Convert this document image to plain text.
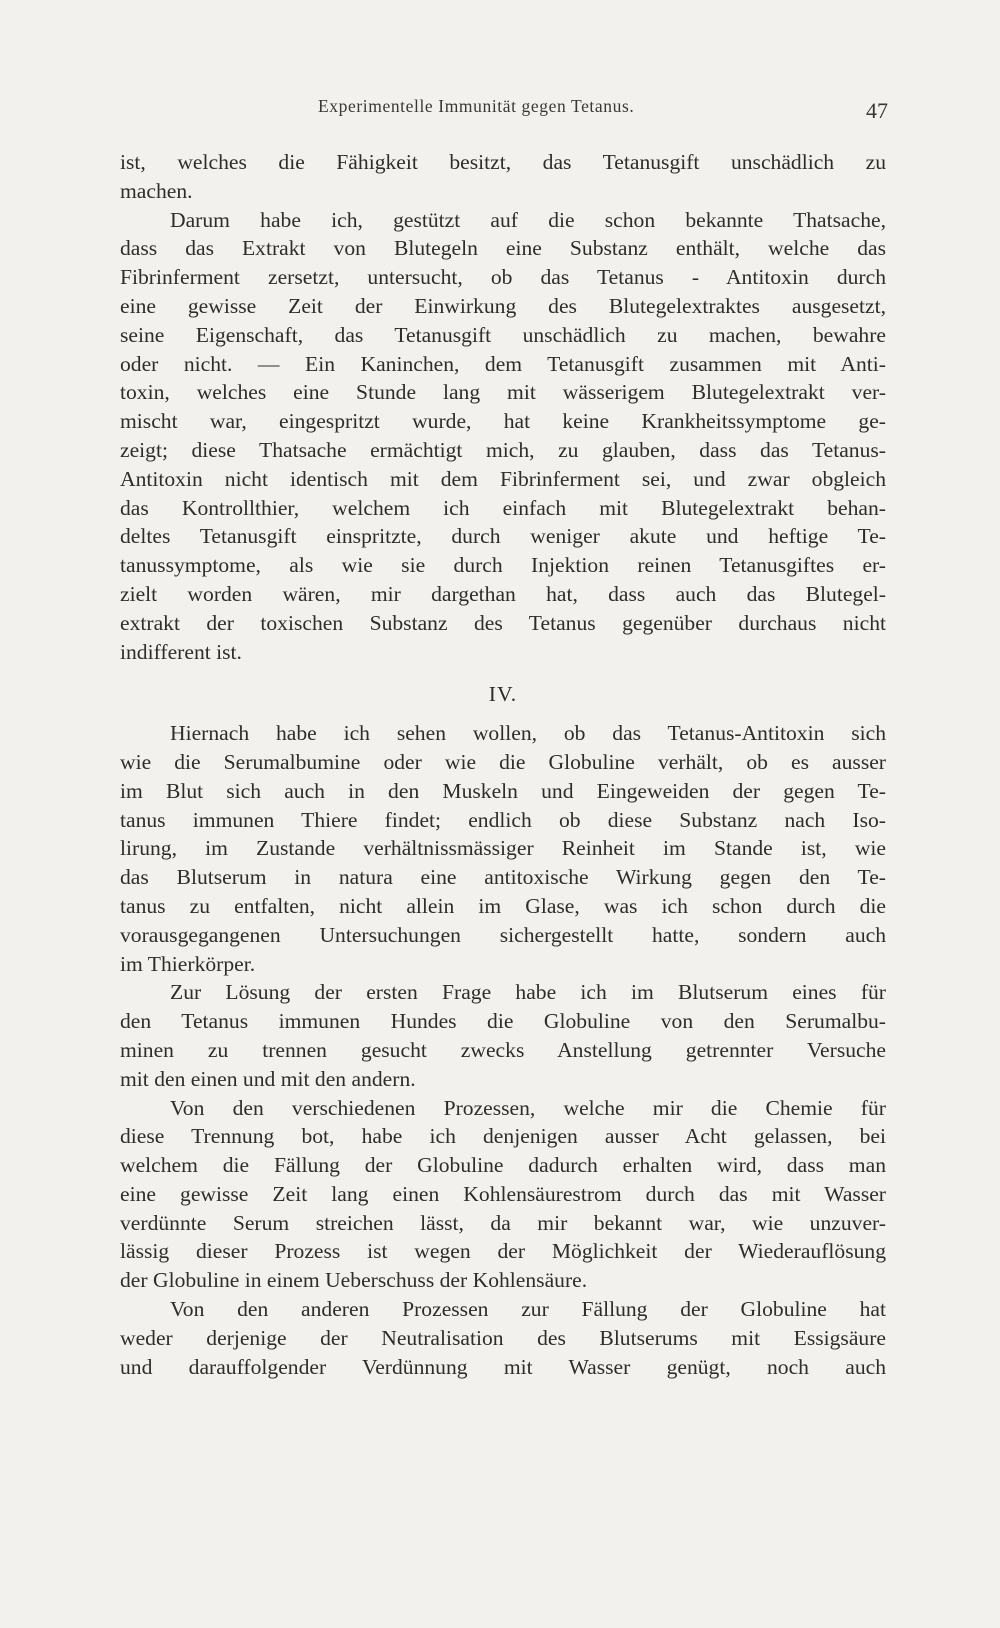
Experimentelle Immunität gegen Tetanus.	47
ist, welches die Fähigkeit besitzt, das Tetanusgift unschädlich zu
machen.
Darum habe ich, gestützt auf die schon bekannte Thatsache,
dass das Extrakt von Blutegeln eine Substanz enthält, welche das
Fibrinferment zersetzt, untersucht, ob das Tetanus - Antitoxin durch
eine gewisse Zeit der Einwirkung des Blutegelextraktes ausgesetzt,
seine Eigenschaft, das Tetanusgift unschädlich zu machen, bewahre
oder nicht. — Ein Kaninchen, dem Tetanusgift zusammen mit Anti-
toxin, welches eine Stunde lang mit wässerigem Blutegelextrakt ver-
mischt war, eingespritzt wurde, hat keine Krankheitssymptome ge-
zeigt; diese Thatsache ermächtigt mich, zu glauben, dass das Tetanus-
Antitoxin nicht identisch mit dem Fibrinferment sei, und zwar obgleich
das Kontrollthier, welchem ich einfach mit Blutegelextrakt behan-
deltes Tetanusgift einspritzte, durch weniger akute und heftige Te-
tanussymptome, als wie sie durch Injektion reinen Tetanusgiftes er-
zielt worden wären, mir dargethan hat, dass auch das Blutegel-
extrakt der toxischen Substanz des Tetanus gegenüber durchaus nicht
indifferent ist.
IV.
Hiernach habe ich sehen wollen, ob das Tetanus-Antitoxin sich
wie die Serumalbumine oder wie die Globuline verhält, ob es ausser
im Blut sich auch in den Muskeln und Eingeweiden der gegen Te-
tanus immunen Thiere findet; endlich ob diese Substanz nach Iso-
lirung, im Zustande verhältnissmässiger Reinheit im Stande ist, wie
das Blutserum in natura eine antitoxische Wirkung gegen den Te-
tanus zu entfalten, nicht allein im Glase, was ich schon durch die
vorausgegangenen Untersuchungen sichergestellt hatte, sondern auch
im Thierkörper.
Zur Lösung der ersten Frage habe ich im Blutserum eines für
den Tetanus immunen Hundes die Globuline von den Serumalbu-
minen zu trennen gesucht zwecks Anstellung getrennter Versuche
mit den einen und mit den andern.
Von den verschiedenen Prozessen, welche mir die Chemie für
diese Trennung bot, habe ich denjenigen ausser Acht gelassen, bei
welchem die Fällung der Globuline dadurch erhalten wird, dass man
eine gewisse Zeit lang einen Kohlensäurestrom durch das mit Wasser
verdünnte Serum streichen lässt, da mir bekannt war, wie unzuver-
lässig dieser Prozess ist wegen der Möglichkeit der Wiederauflösung
der Globuline in einem Ueberschuss der Kohlensäure.
Von den anderen Prozessen zur Fällung der Globuline hat
weder derjenige der Neutralisation des Blutserums mit Essigsäure
und darauffolgender Verdünnung mit Wasser genügt, noch auch
